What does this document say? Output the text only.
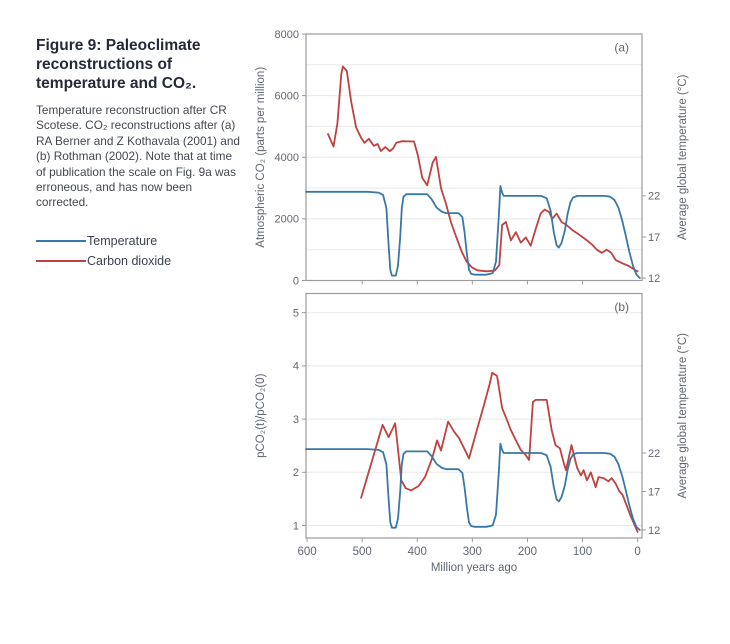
Figure 9: Paleoclimate reconstructions of temperature and CO₂.

Temperature reconstruction after CR Scotese. CO₂ reconstructions after (a) RA Berner and Z Kothavala (2001) and (b) Rothman (2002). Note that at time of publication the scale on Fig. 9a was erroneous, and has now been corrected.

Temperature
Carbon dioxide
0
2000
4000
6000
8000
12
17
22
Atmospheric CO₂ (parts per million)	Average global temperature (°C)
(a)
1
2
3
4
5
12
17
22
600	500	400	300	200	100	0
Million years ago
pCO₂(t)/pCO₂(0)	Average global temperature (°C)
(b)
